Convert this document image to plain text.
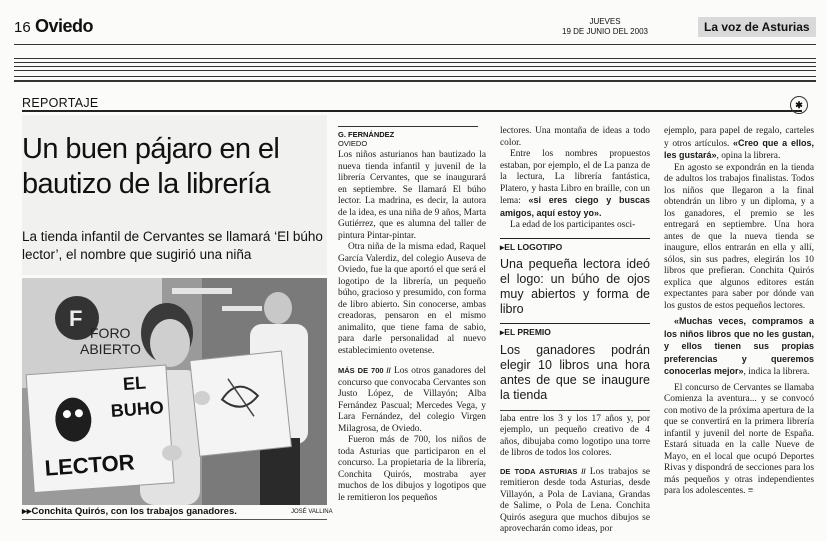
16 Oviedo	JUEVES
19 DE JUNIO DEL 2003	La voz de Asturias
REPORTAJE	✱
Un buen pájaro en el bautizo de la librería
La tienda infantil de Cervantes se llamará ‘El búho lector’, el nombre que sugirió una niña
F
FORO
ABIERTO
EL
BUHO
LECTOR
▸▸Conchita Quirós, con los trabajos ganadores.	JOSÉ VALLINA
G. FERNÁNDEZ
OVIEDO

Los niños asturianos han bautizado la nueva tienda infantil y juvenil de la librería Cervantes, que se inaugurará en septiembre. Se llamará El búho lector. La madrina, es decir, la autora de la idea, es una niña de 9 años, Marta Gutiérrez, que es alumna del taller de pintura Pintar-pintar.

Otra niña de la misma edad, Raquel García Valerdiz, del colegio Auseva de Oviedo, fue la que aportó el que será el logotipo de la librería, un pequeño búho, gracioso y presumido, con forma de libro abierto. Sin conocerse, ambas creadoras, pensaron en el mismo animalito, que tiene fama de sabio, para darle personalidad al nuevo establecimiento ovetense.

MÁS DE 700 // Los otros ganadores del concurso que convocaba Cervantes son Justo López, de Villayón; Alba Fernández Pascual; Mercedes Vega, y Lara Fernández, del colegio Virgen Milagrosa, de Oviedo.

Fueron más de 700, los niños de toda Asturias que participaron en el concurso. La propietaria de la librería, Conchita Quirós, mostraba ayer muchos de los dibujos y logotipos que le remitieron los pequeños

lectores. Una montaña de ideas a todo color.

Entre los nombres propuestos estaban, por ejemplo, el de La panza de la lectura, La librería fantástica, Platero, y hasta Libro en braille, con un lema: «si eres ciego y buscas amigos, aquí estoy yo».

La edad de los participantes osci-

▸EL LOGOTIPO
Una pequeña lectora ideó el logo: un búho de ojos muy abiertos y forma de libro
▸EL PREMIO
Los ganadores podrán elegir 10 libros una hora antes de que se inaugure la tienda

laba entre los 3 y los 17 años y, por ejemplo, un pequeño creativo de 4 años, dibujaba como logotipo una torre de libros de todos los colores.

DE TODA ASTURIAS // Los trabajos se remitieron desde toda Asturias, desde Villayón, a Pola de Laviana, Grandas de Salime, o Pola de Lena. Conchita Quirós asegura que muchos dibujos se aprovecharán como ideas, por

ejemplo, para papel de regalo, carteles y otros artículos. «Creo que a ellos, les gustará», opina la librera.

En agosto se expondrán en la tienda de adultos los trabajos finalistas. Todos los niños que llegaron a la final obtendrán un libro y un diploma, y a los ganadores, el premio se les entregará en septiembre. Una hora antes de que la nueva tienda se inaugure, ellos entrarán en ella y allí, sólos, sin sus padres, elegirán los 10 libros que prefieran. Conchita Quirós explica que algunos editores están expectantes para saber por dónde van los gustos de estos pequeños lectores.

«Muchas veces, compramos a los niños libros que no les gustan, y ellos tienen sus propias preferencias y queremos conocerlas mejor», indica la librera.

El concurso de Cervantes se llamaba Comienza la aventura... y se convocó con motivo de la próxima apertura de la que se convertirá en la primera librería infantil y juvenil del norte de España. Estará situada en la calle Nueve de Mayo, en el local que ocupó Deportes Rivas y dispondrá de secciones para los más pequeños y otras independientes para los adolescentes. ≡
